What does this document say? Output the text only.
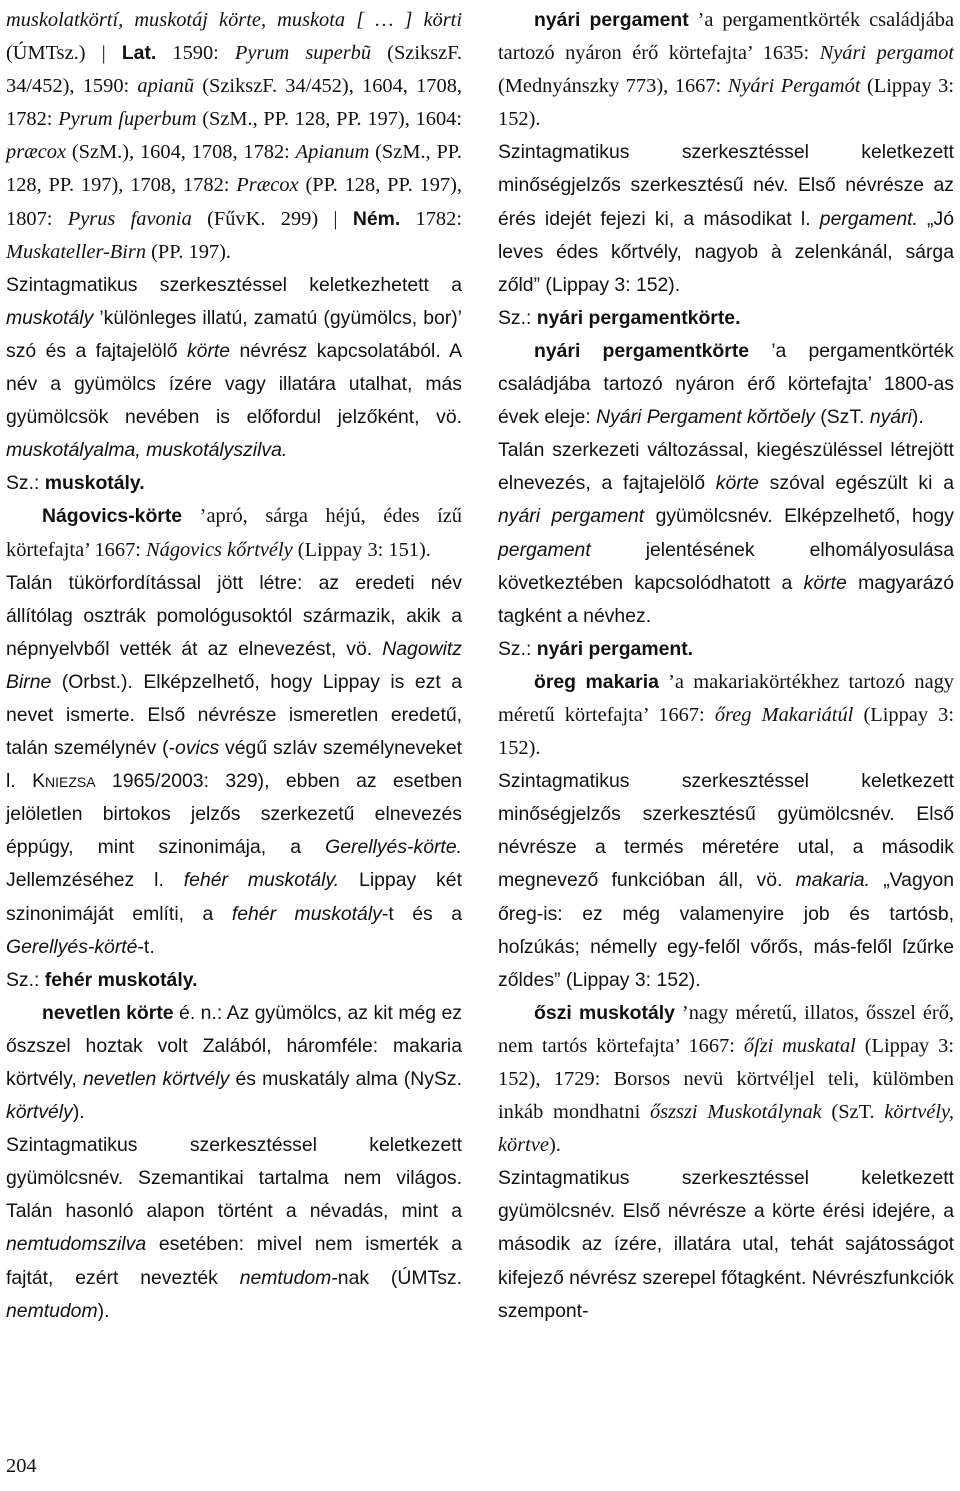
muskolatkörtí, muskotáj körte, muskota [ … ] körti (ÚMTsz.) | Lat. 1590: Pyrum superbũ (SzikszF. 34/452), 1590: apianũ (SzikszF. 34/452), 1604, 1708, 1782: Pyrum ſuperbum (SzM., PP. 128, PP. 197), 1604: præcox (SzM.), 1604, 1708, 1782: Apianum (SzM., PP. 128, PP. 197), 1708, 1782: Præcox (PP. 128, PP. 197), 1807: Pyrus favonia (FűvK. 299) | Ném. 1782: Muskateller-Birn (PP. 197).

Szintagmatikus szerkesztéssel keletkezhetett a muskotály ’különleges illatú, zamatú (gyümölcs, bor)’ szó és a fajtajelölő körte névrész kapcsolatából. A név a gyümölcs ízére vagy illatára utalhat, más gyümölcsök nevében is előfordul jelzőként, vö. muskotályalma, muskotályszilva.

Sz.: muskotály.

Nágovics-körte ’apró, sárga héjú, édes ízű körtefajta’ 1667: Nágovics kőrtvély (Lippay 3: 151).

Talán tükörfordítással jött létre: az eredeti név állítólag osztrák pomológusoktól származik, akik a népnyelvből vették át az elnevezést, vö. Nagowitz Birne (Orbst.). Elképzelhető, hogy Lippay is ezt a nevet ismerte. Első névrésze ismeretlen eredetű, talán személynév (-ovics végű szláv személyneveket l. Kniezsa 1965/2003: 329), ebben az esetben jelöletlen birtokos jelzős szerkezetű elnevezés éppúgy, mint szinonimája, a Gerellyés-körte. Jellemzéséhez l. fehér muskotály. Lippay két szinonimáját említi, a fehér muskotály-t és a Gerellyés-körté-t.

Sz.: fehér muskotály.

nevetlen körte é. n.: Az gyümölcs, az kit még ez őszszel hoztak volt Zalából, háromféle: makaria körtvély, nevetlen körtvély és muskatály alma (NySz. körtvély).

Szintagmatikus szerkesztéssel keletkezett gyümölcsnév. Szemantikai tartalma nem világos. Talán hasonló alapon történt a névadás, mint a nemtudomszilva esetében: mivel nem ismerték a fajtát, ezért nevezték nemtudom-nak (ÚMTsz. nemtudom).

nyári pergament ’a pergamentkörték családjába tartozó nyáron érő körtefajta’ 1635: Nyári pergamot (Mednyánszky 773), 1667: Nyári Pergamót (Lippay 3: 152).

Szintagmatikus szerkesztéssel keletkezett minőségjelzős szerkesztésű név. Első névrésze az érés idejét fejezi ki, a másodikat l. pergament. „Jó leves édes kőrtvély, nagyob à zelenkánál, sárga zőld” (Lippay 3: 152).

Sz.: nyári pergamentkörte.

nyári pergamentkörte ’a pergamentkörték családjába tartozó nyáron érő körtefajta’ 1800-as évek eleje: Nyári Pergament kŏrtŏely (SzT. nyári).

Talán szerkezeti változással, kiegészüléssel létrejött elnevezés, a fajtajelölő körte szóval egészült ki a nyári pergament gyümölcsnév. Elképzelhető, hogy pergament jelentésének elhomályosulása következtében kapcsolódhatott a körte magyarázó tagként a névhez.

Sz.: nyári pergament.

öreg makaria ’a makariakörtékhez tartozó nagy méretű körtefajta’ 1667: őreg Makariátúl (Lippay 3: 152).

Szintagmatikus szerkesztéssel keletkezett minőségjelzős szerkesztésű gyümölcsnév. Első névrésze a termés méretére utal, a második megnevező funkcióban áll, vö. makaria. „Vagyon őreg-is: ez még valamenyire job és tartósb, hoſzúkás; némelly egy-felől vőrős, más-felől ſzűrke zőldes” (Lippay 3: 152).

őszi muskotály ’nagy méretű, illatos, ősszel érő, nem tartós körtefajta’ 1667: őſzi muskatal (Lippay 3: 152), 1729: Borsos nevü körtvéljel teli, külömben inkáb mondhatni őszszi Muskotálynak (SzT. körtvély, körtve).

Szintagmatikus szerkesztéssel keletkezett gyümölcsnév. Első névrésze a körte érési idejére, a második az ízére, illatára utal, tehát sajátosságot kifejező névrész szerepel főtagként. Névrészfunkciók szempont-

204
